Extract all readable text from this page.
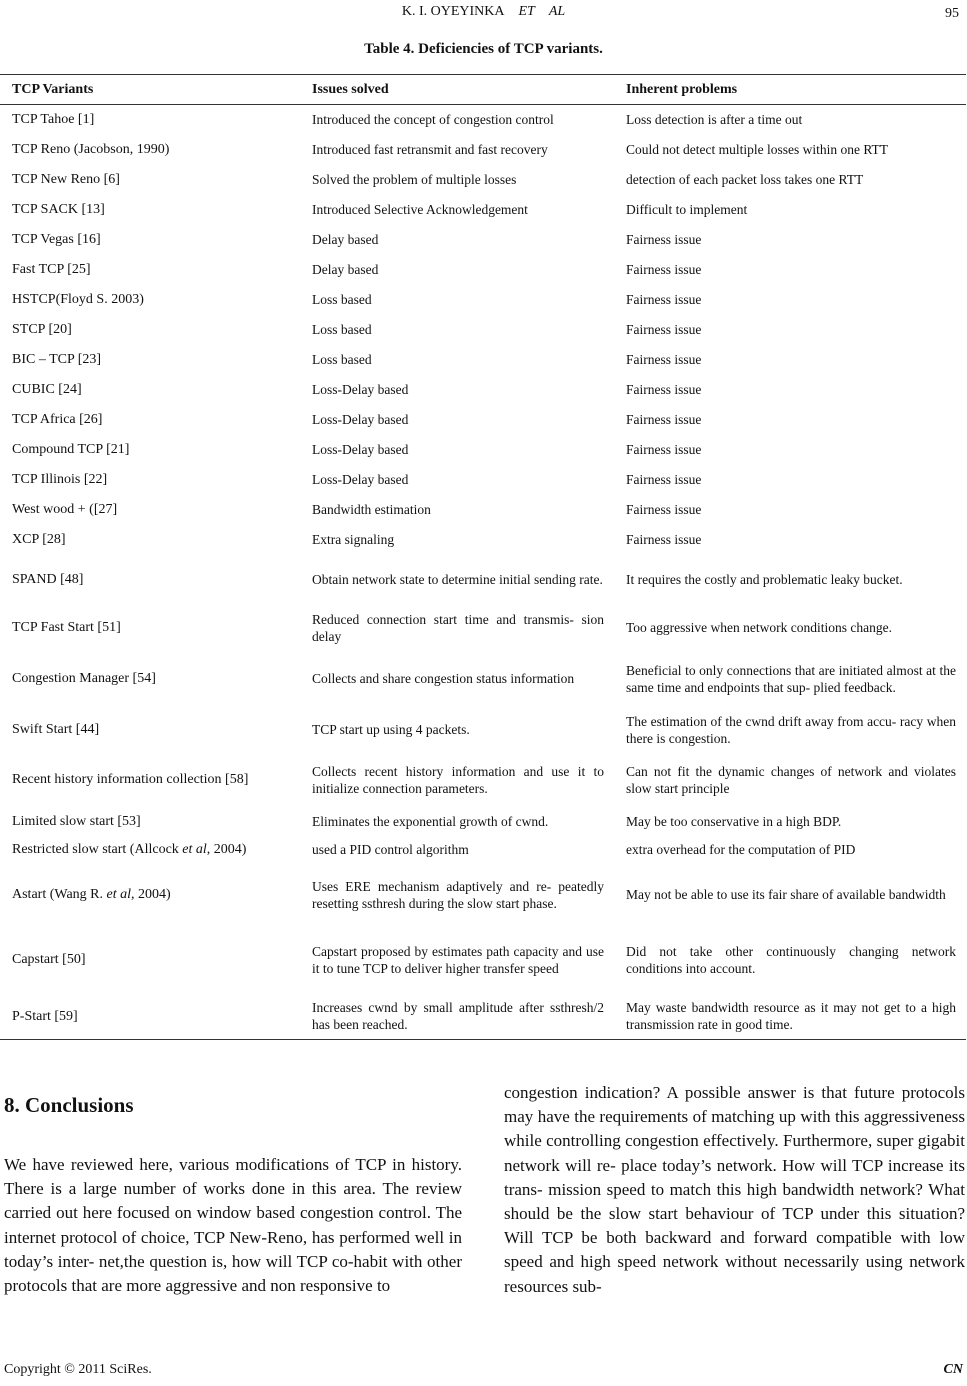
K. I. OYEYINKA ET AL	95
Table 4. Deficiencies of TCP variants.
TCP Variants	Issues solved	Inherent problems
TCP Tahoe [1]	Introduced the concept of congestion control	Loss detection is after a time out
TCP Reno (Jacobson, 1990)	Introduced fast retransmit and fast recovery	Could not detect multiple losses within one RTT
TCP New Reno [6]	Solved the problem of multiple losses	detection of each packet loss takes one RTT
TCP SACK [13]	Introduced Selective Acknowledgement	Difficult to implement
TCP Vegas [16]	Delay based	Fairness issue
Fast TCP [25]	Delay based	Fairness issue
HSTCP(Floyd S. 2003)	Loss based	Fairness issue
STCP [20]	Loss based	Fairness issue
BIC – TCP [23]	Loss based	Fairness issue
CUBIC [24]	Loss-Delay based	Fairness issue
TCP Africa [26]	Loss-Delay based	Fairness issue
Compound TCP [21]	Loss-Delay based	Fairness issue
TCP Illinois [22]	Loss-Delay based	Fairness issue
West wood + ([27]	Bandwidth estimation	Fairness issue
XCP [28]	Extra signaling	Fairness issue
SPAND [48]	Obtain network state to determine initial sending rate.	It requires the costly and problematic leaky bucket.
TCP Fast Start [51]	Reduced connection start time and transmis- sion delay	Too aggressive when network conditions change.
Congestion Manager [54]	Collects and share congestion status information	Beneficial to only connections that are initiated almost at the same time and endpoints that sup- plied feedback.
Swift Start [44]	TCP start up using 4 packets.	The estimation of the cwnd drift away from accu- racy when there is congestion.
Recent history information collection [58]	Collects recent history information and use it to initialize connection parameters.	Can not fit the dynamic changes of network and violates slow start principle
Limited slow start [53]	Eliminates the exponential growth of cwnd.	May be too conservative in a high BDP.
Restricted slow start (Allcock et al, 2004)	used a PID control algorithm	extra overhead for the computation of PID
Astart (Wang R. et al, 2004)	Uses ERE mechanism adaptively and re- peatedly resetting ssthresh during the slow start phase.	May not be able to use its fair share of available bandwidth
Capstart [50]	Capstart proposed by estimates path capacity and use it to tune TCP to deliver higher transfer speed	Did not take other continuously changing network conditions into account.
P-Start [59]	Increases cwnd by small amplitude after ssthresh/2 has been reached.	May waste bandwidth resource as it may not get to a high transmission rate in good time.
8. Conclusions
We have reviewed here, various modifications of TCP in history. There is a large number of works done in this area. The review carried out here focused on window based congestion control. The internet protocol of choice, TCP New-Reno, has performed well in today’s inter- net,the question is, how will TCP co-habit with other protocols that are more aggressive and non responsive to
congestion indication? A possible answer is that future protocols may have the requirements of matching up with this aggressiveness while controlling congestion effectively. Furthermore, super gigabit network will re- place today’s network. How will TCP increase its trans- mission speed to match this high bandwidth network? What should be the slow start behaviour of TCP under this situation? Will TCP be both backward and forward compatible with low speed and high speed network without necessarily using network resources sub-
Copyright © 2011 SciRes.	CN
